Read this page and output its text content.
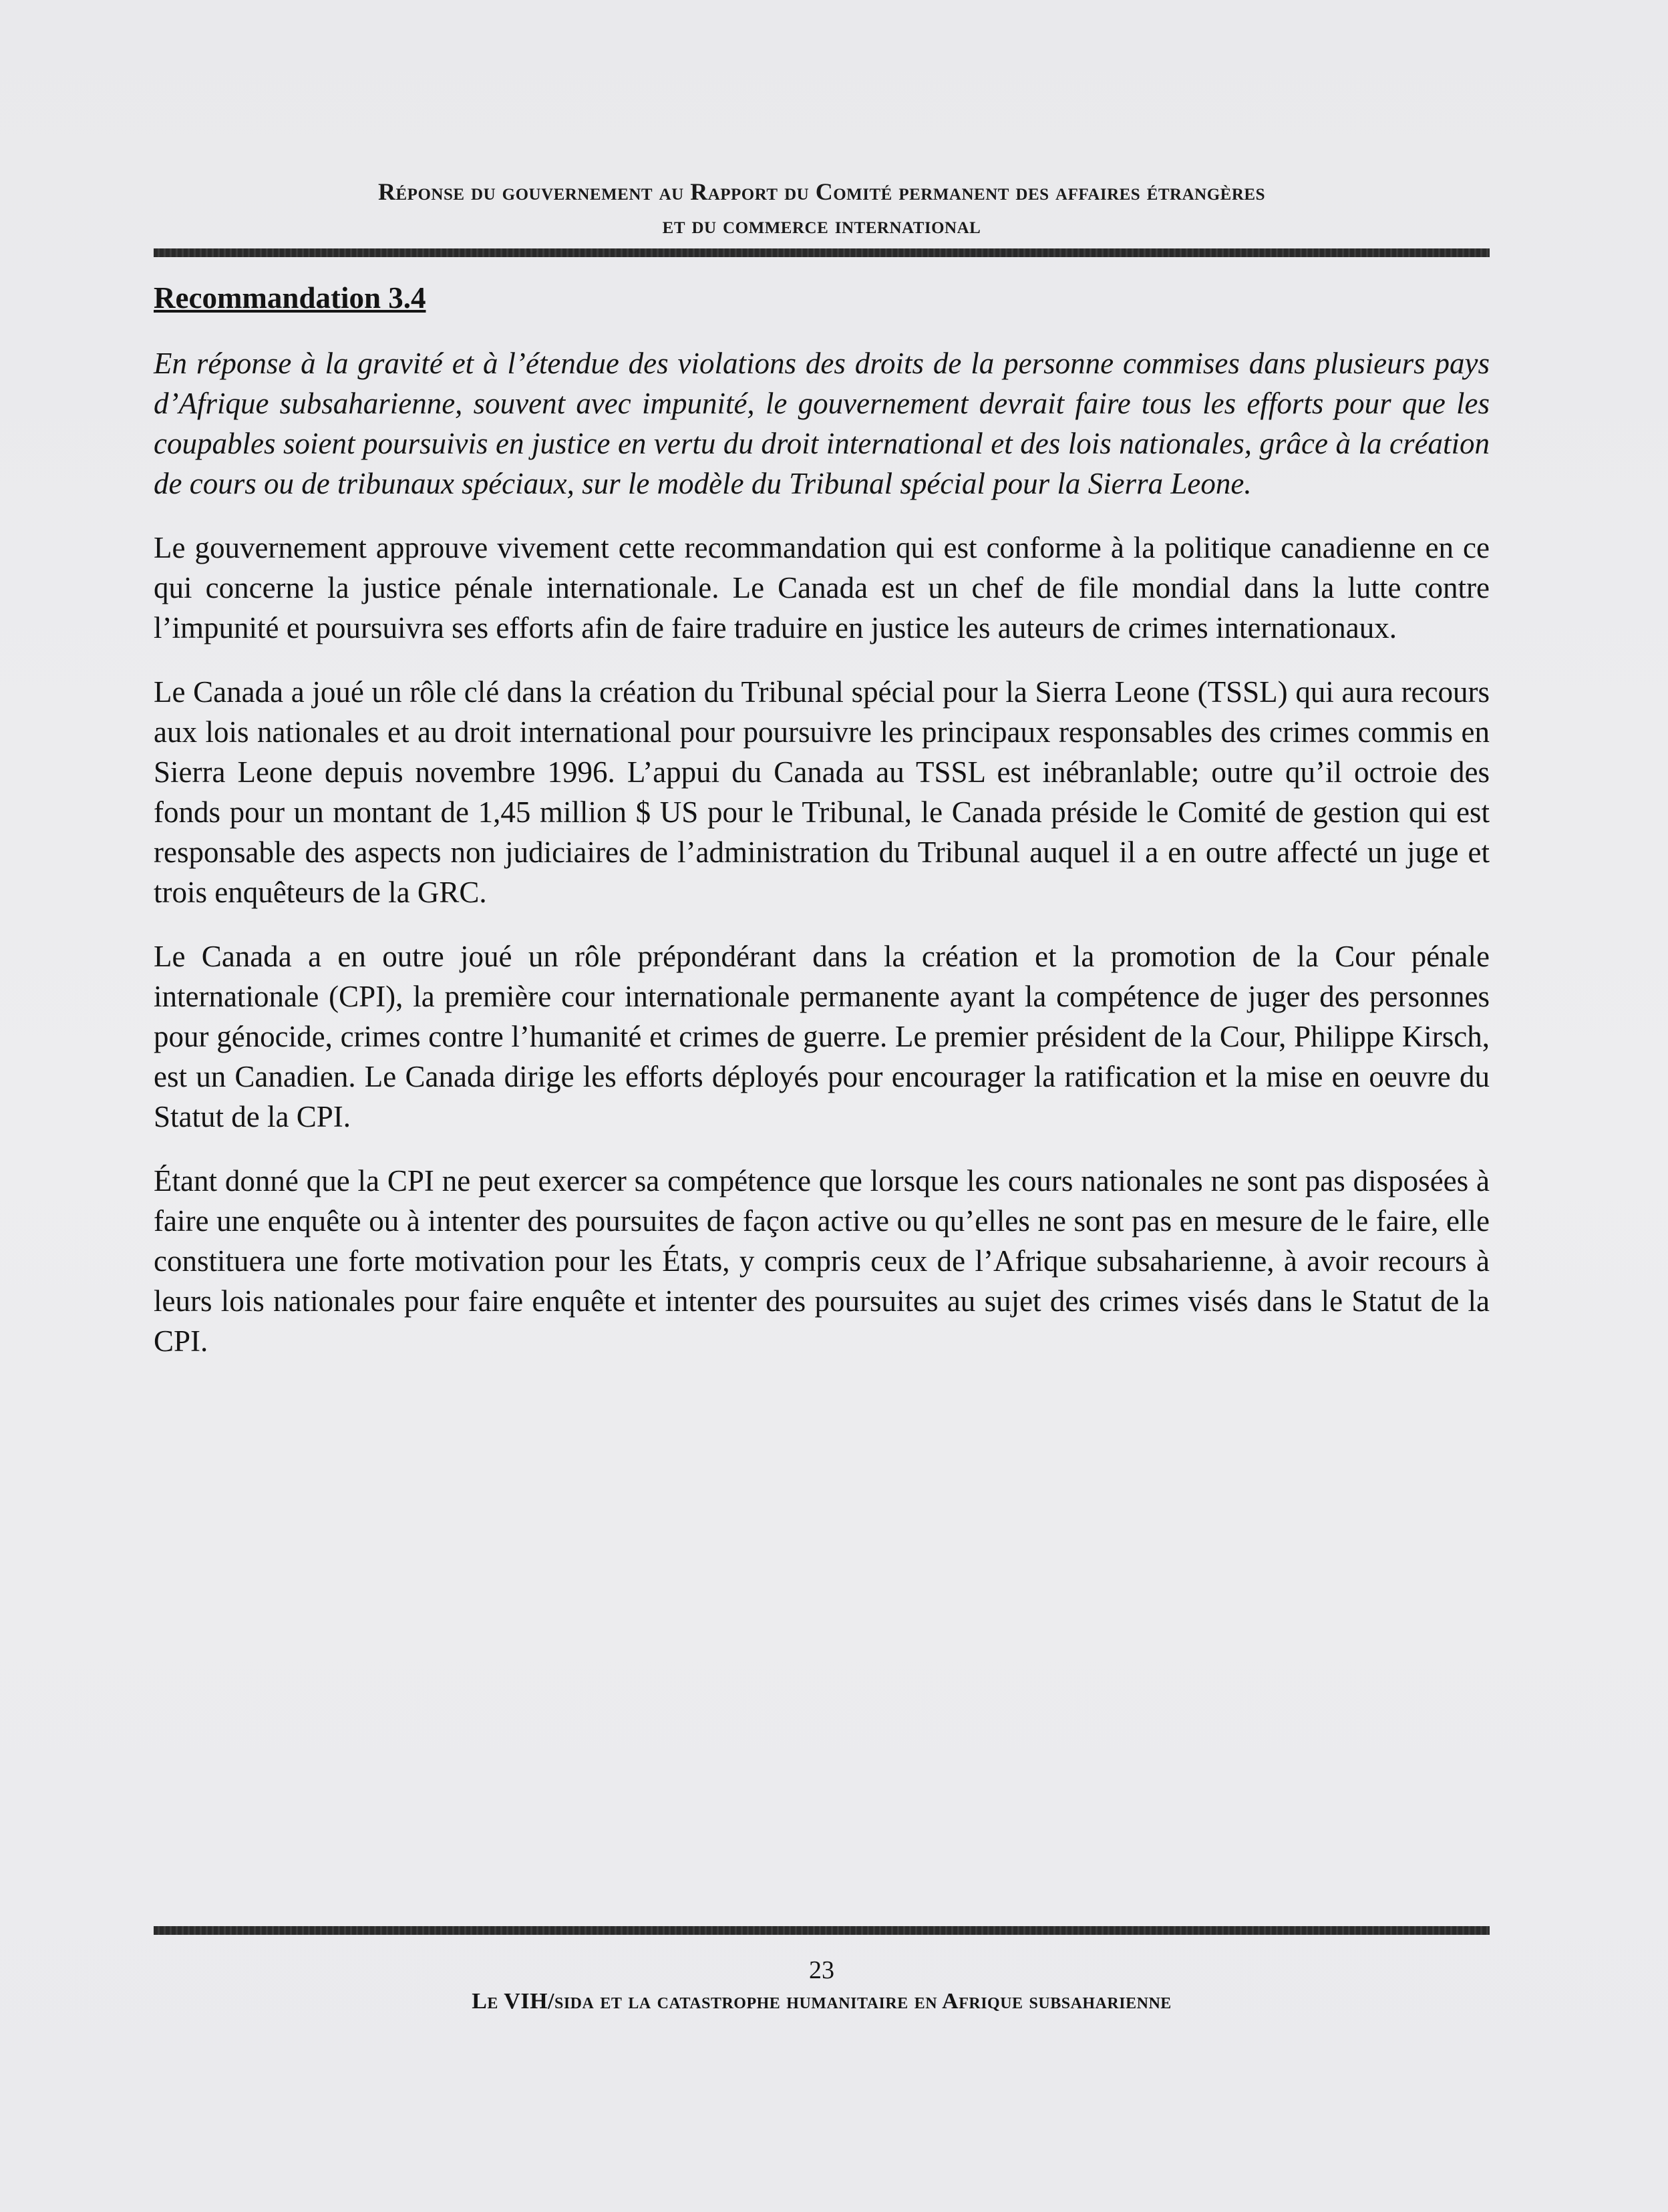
Réponse du gouvernement au Rapport du Comité permanent des affaires étrangères
et du commerce international
Recommandation 3.4

En réponse à la gravité et à l’étendue des violations des droits de la personne commises dans plusieurs pays d’Afrique subsaharienne, souvent avec impunité, le gouvernement devrait faire tous les efforts pour que les coupables soient poursuivis en justice en vertu du droit international et des lois nationales, grâce à la création de cours ou de tribunaux spéciaux, sur le modèle du Tribunal spécial pour la Sierra Leone.

Le gouvernement approuve vivement cette recommandation qui est conforme à la politique canadienne en ce qui concerne la justice pénale internationale. Le Canada est un chef de file mondial dans la lutte contre l’impunité et poursuivra ses efforts afin de faire traduire en justice les auteurs de crimes internationaux.

Le Canada a joué un rôle clé dans la création du Tribunal spécial pour la Sierra Leone (TSSL) qui aura recours aux lois nationales et au droit international pour poursuivre les principaux responsables des crimes commis en Sierra Leone depuis novembre 1996. L’appui du Canada au TSSL est inébranlable; outre qu’il octroie des fonds pour un montant de 1,45 million $ US pour le Tribunal, le Canada préside le Comité de gestion qui est responsable des aspects non judiciaires de l’administration du Tribunal auquel il a en outre affecté un juge et trois enquêteurs de la GRC.

Le Canada a en outre joué un rôle prépondérant dans la création et la promotion de la Cour pénale internationale (CPI), la première cour internationale permanente ayant la compétence de juger des personnes pour génocide, crimes contre l’humanité et crimes de guerre. Le premier président de la Cour, Philippe Kirsch, est un Canadien. Le Canada dirige les efforts déployés pour encourager la ratification et la mise en oeuvre du Statut de la CPI.

Étant donné que la CPI ne peut exercer sa compétence que lorsque les cours nationales ne sont pas disposées à faire une enquête ou à intenter des poursuites de façon active ou qu’elles ne sont pas en mesure de le faire, elle constituera une forte motivation pour les États, y compris ceux de l’Afrique subsaharienne, à avoir recours à leurs lois nationales pour faire enquête et intenter des poursuites au sujet des crimes visés dans le Statut de la CPI.

23
Le VIH/sida et la catastrophe humanitaire en Afrique subsaharienne
